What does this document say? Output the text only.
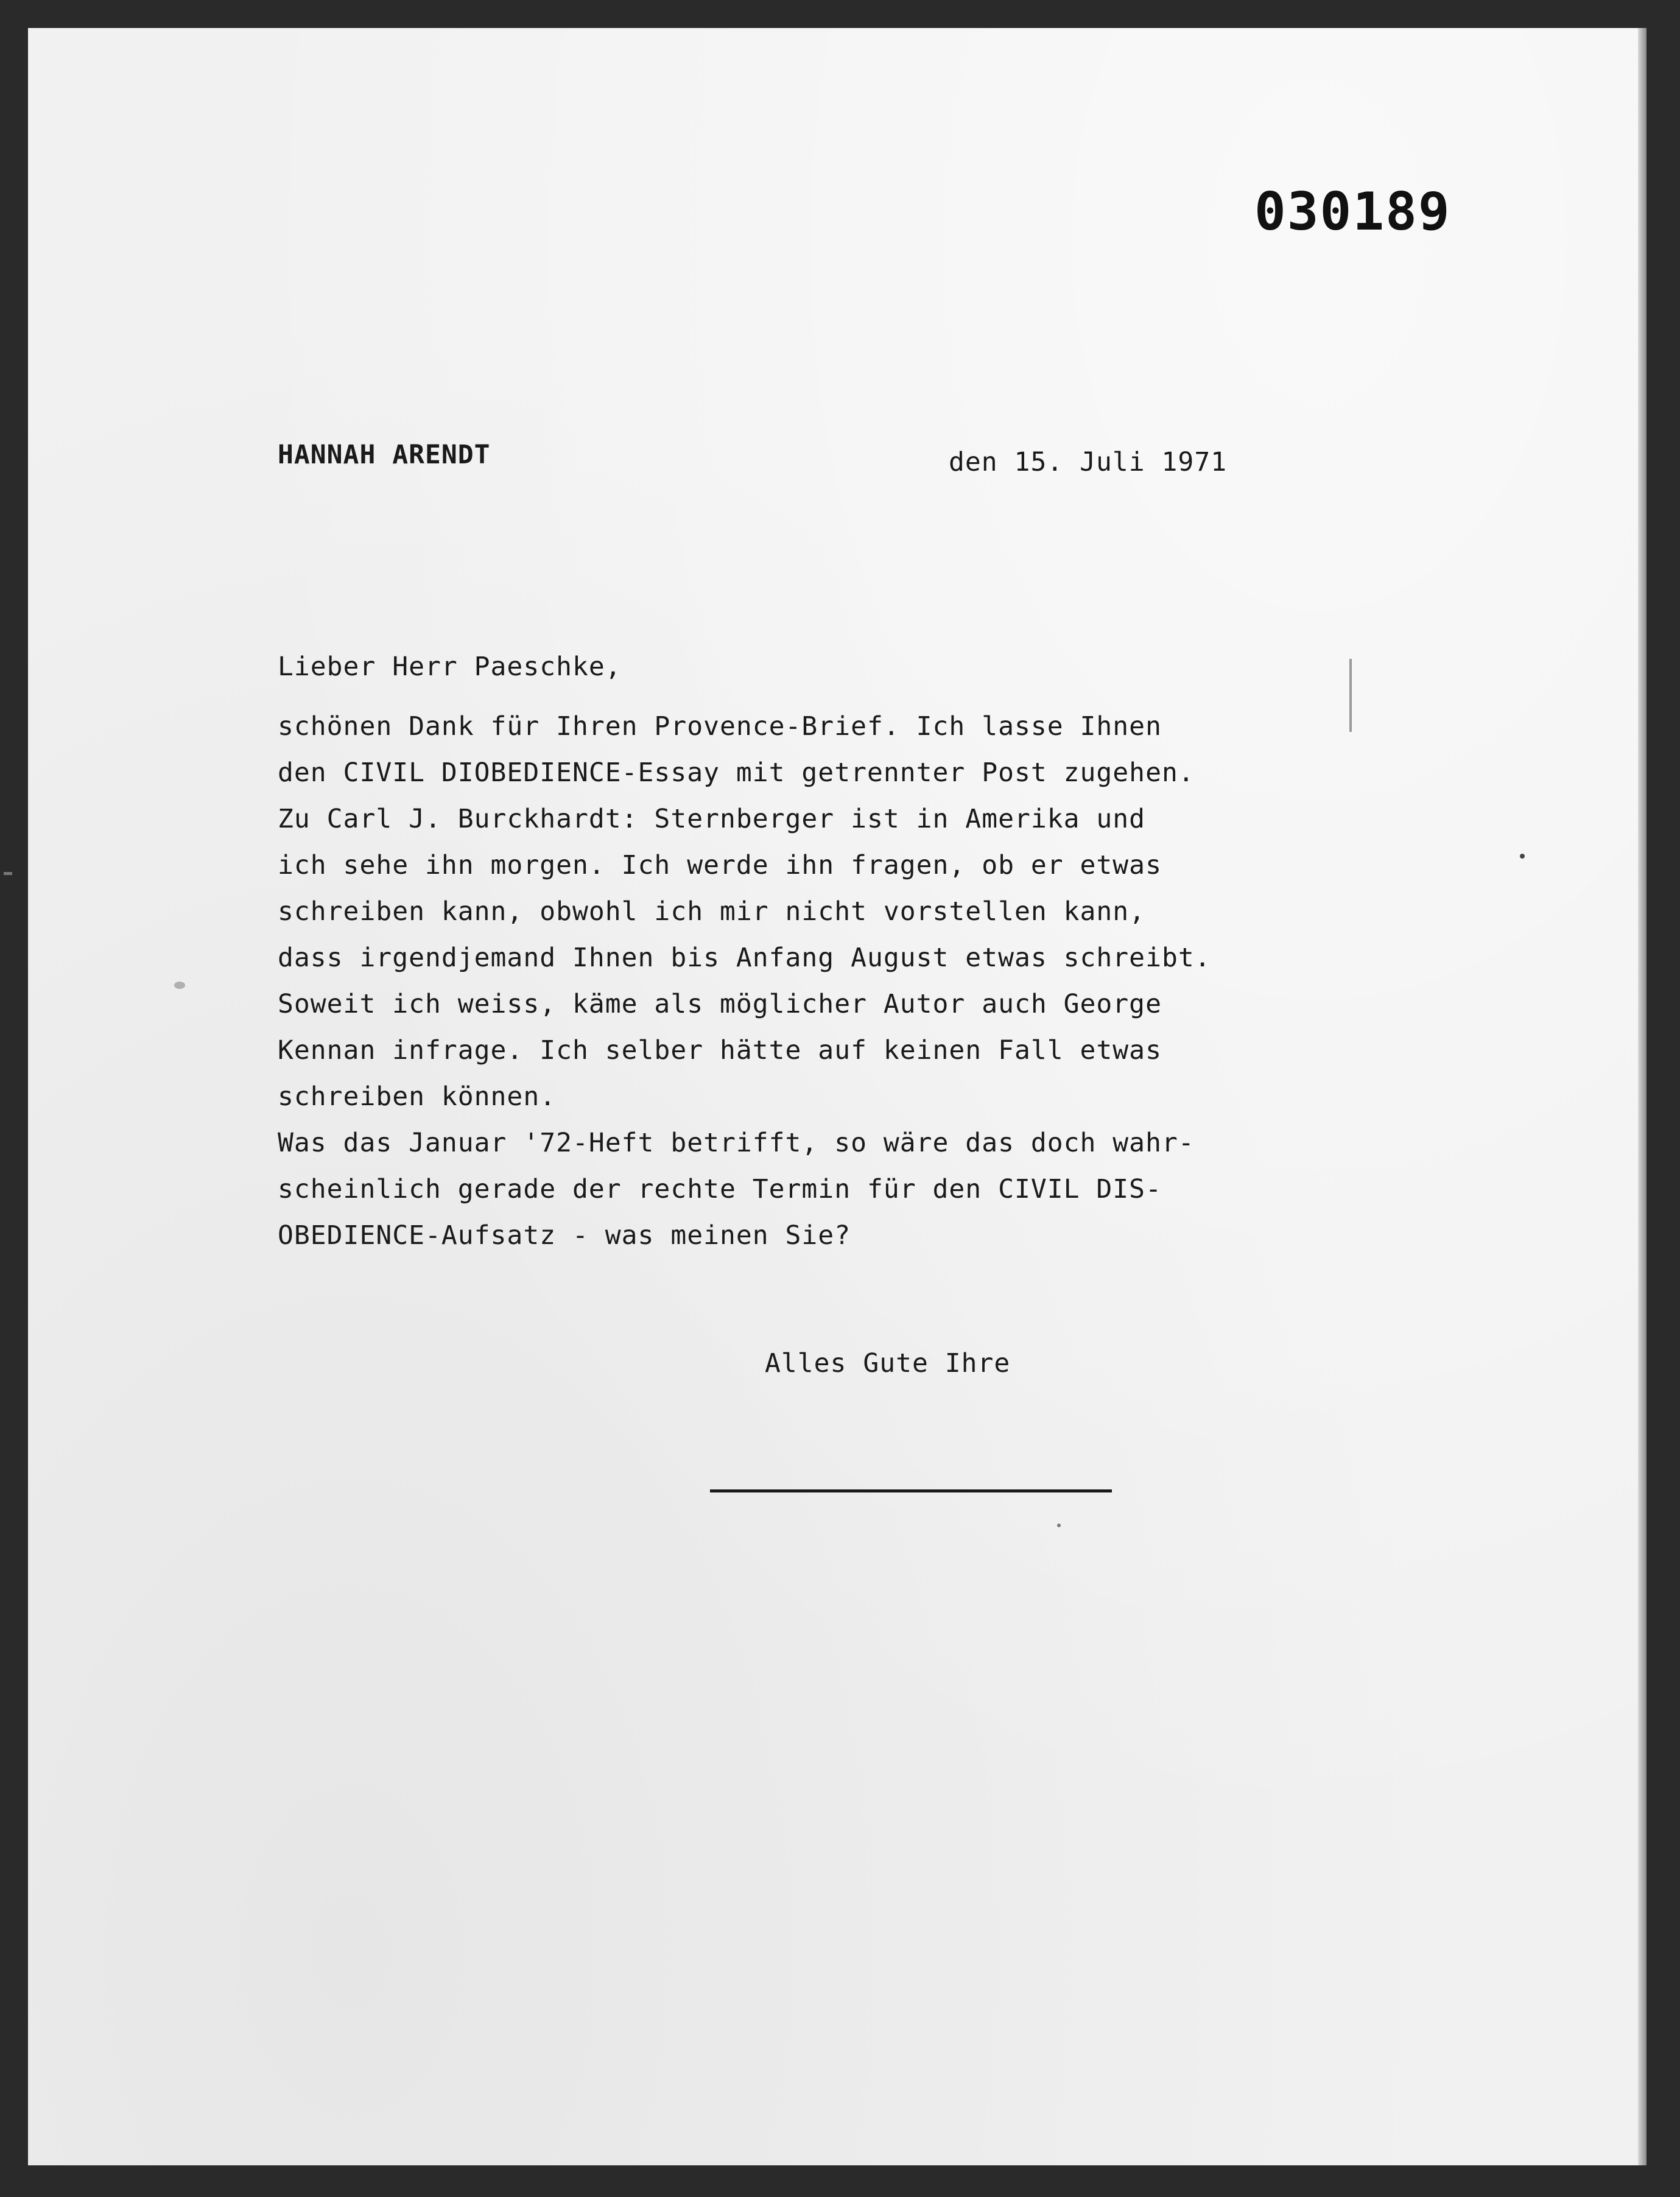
030189
HANNAH ARENDT	den 15. Juli 1971
Lieber Herr Paeschke,
schönen Dank für Ihren Provence-Brief. Ich lasse Ihnen
den CIVIL DIOBEDIENCE-Essay mit getrennter Post zugehen.
Zu Carl J. Burckhardt: Sternberger ist in Amerika und
ich sehe ihn morgen. Ich werde ihn fragen, ob er etwas
schreiben kann, obwohl ich mir nicht vorstellen kann,
dass irgendjemand Ihnen bis Anfang August etwas schreibt.
Soweit ich weiss, käme als möglicher Autor auch George
Kennan infrage. Ich selber hätte auf keinen Fall etwas
schreiben können.
Was das Januar '72-Heft betrifft, so wäre das doch wahr-
scheinlich gerade der rechte Termin für den CIVIL DIS-
OBEDIENCE-Aufsatz - was meinen Sie?
Alles Gute Ihre
